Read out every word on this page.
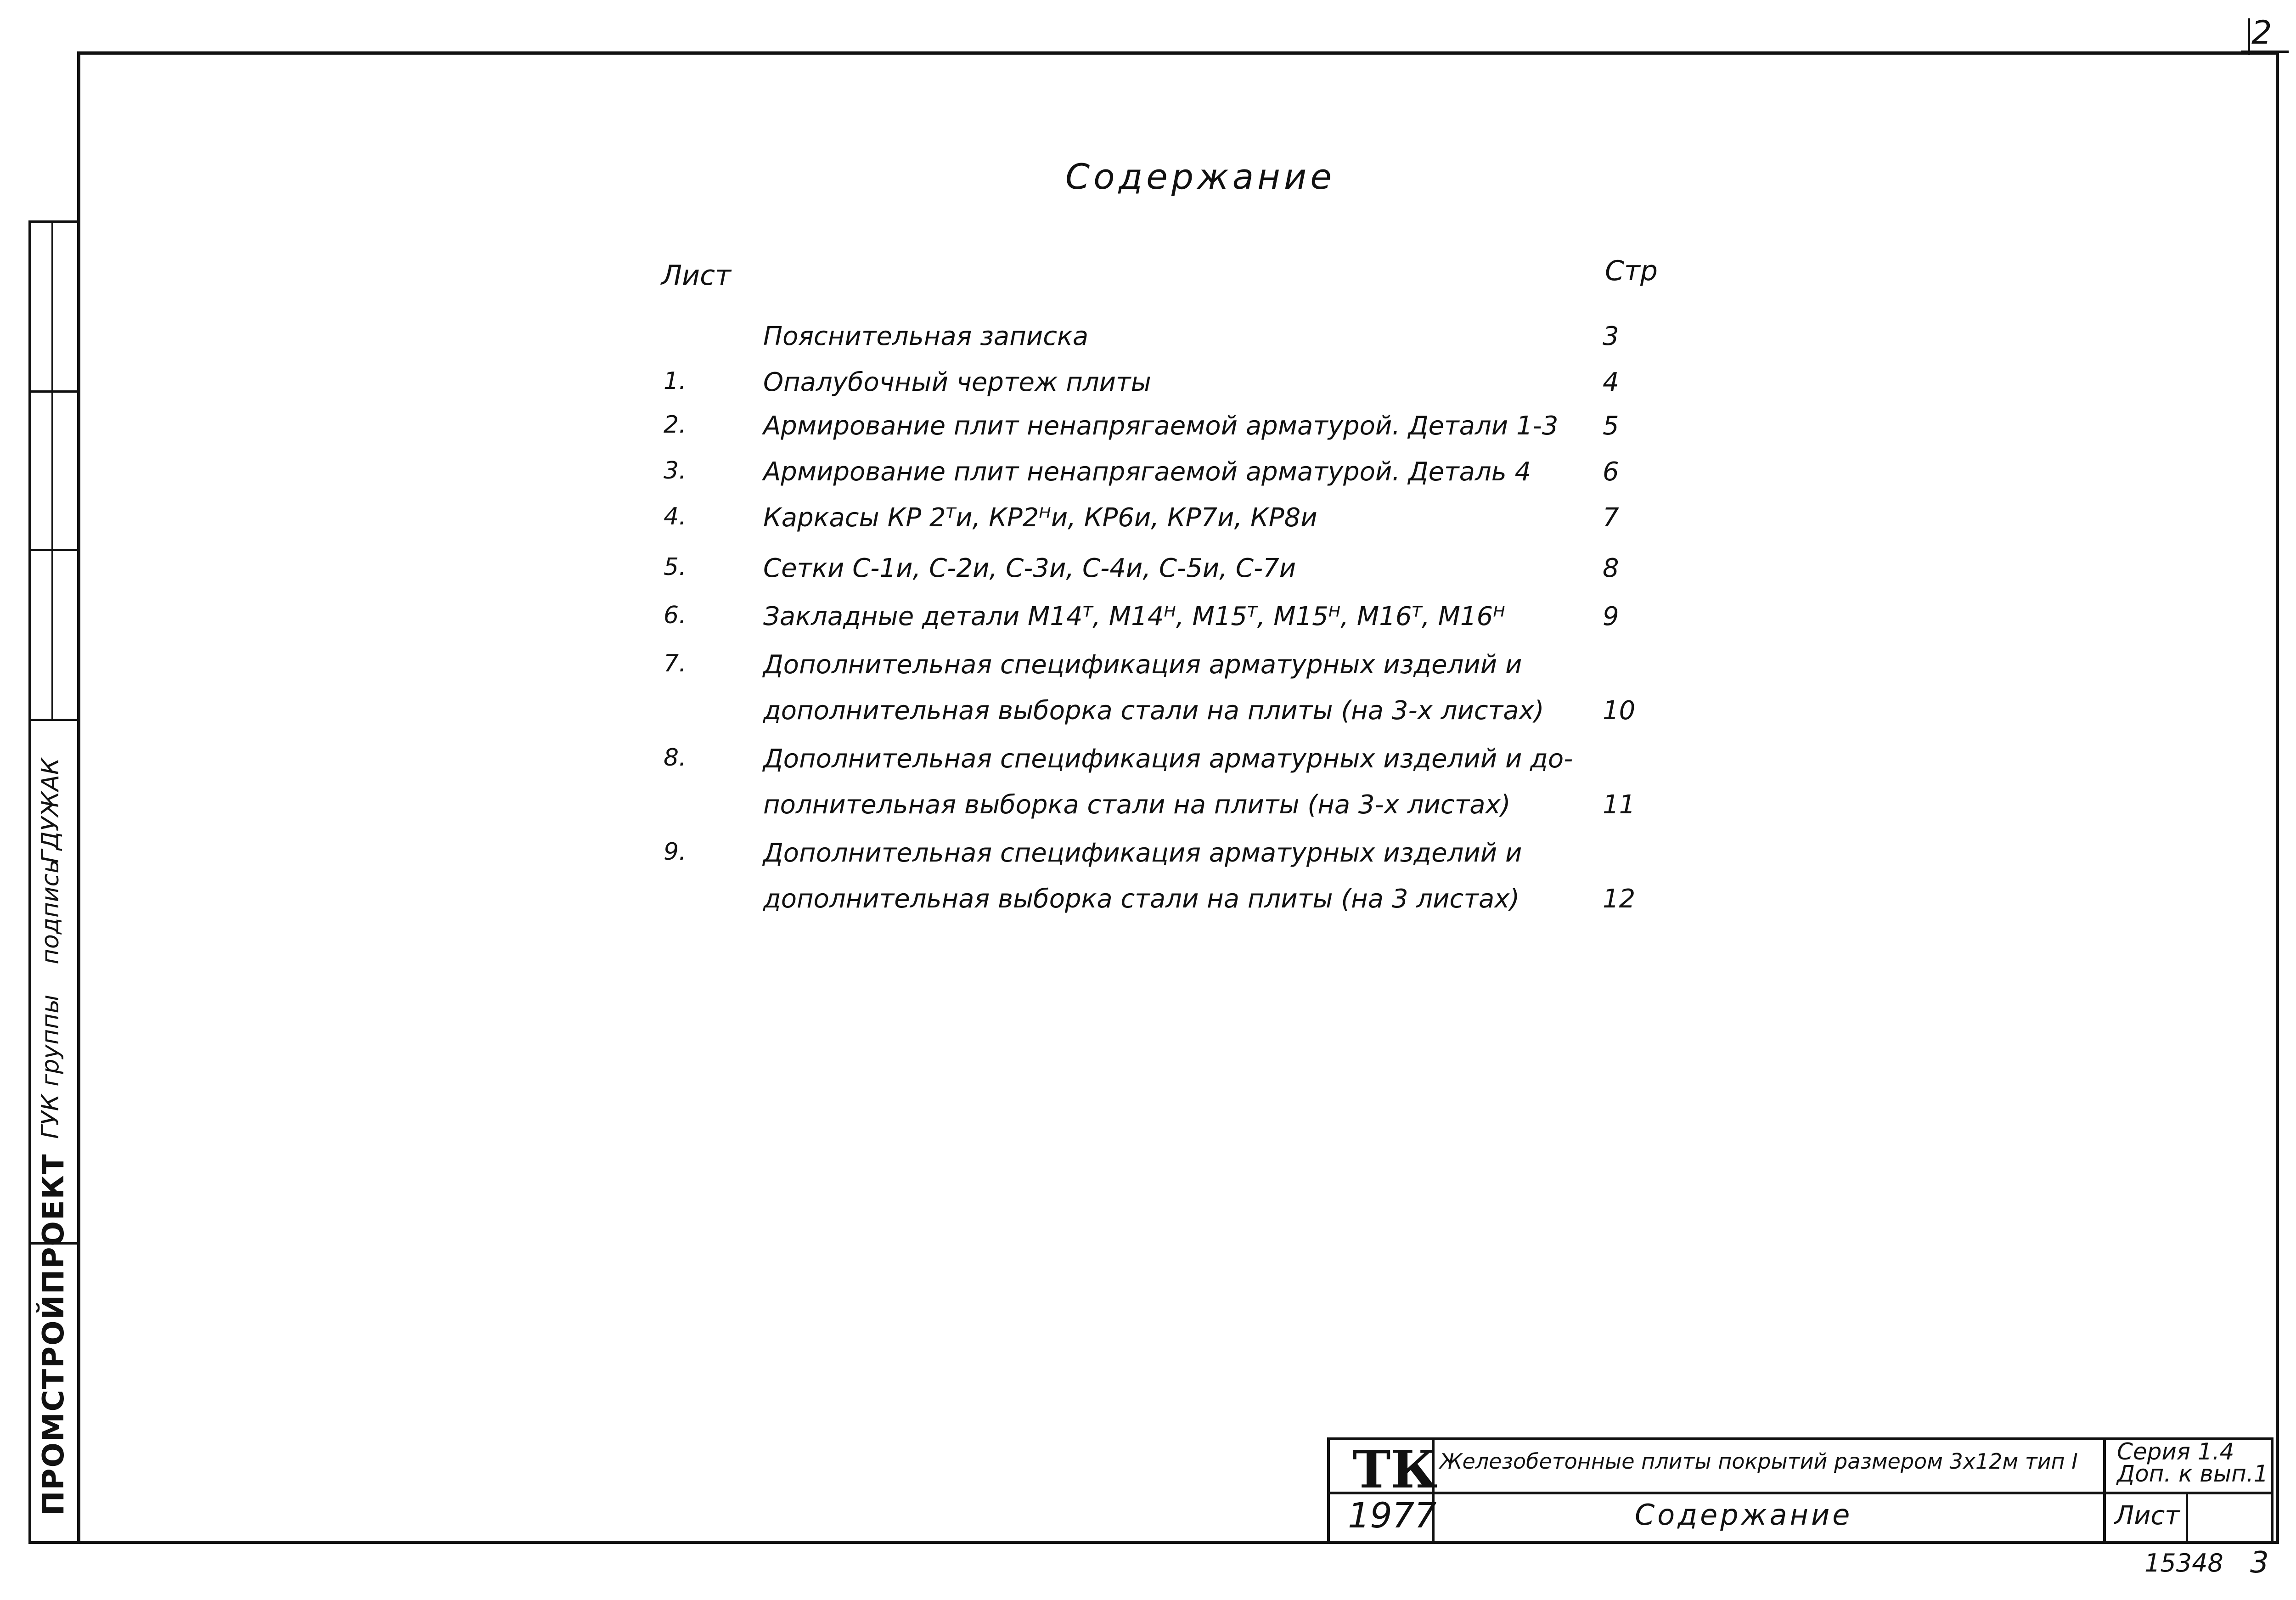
2
ПРОМСТРОЙПРОЕКТ
ГУК группы
подпись
ГДУЖАК
Содержание
Лист	Стр
Пояснительная записка	3
1.	Опалубочный чертеж плиты	4
2.	Армирование плит ненапрягаемой арматурой. Детали 1-3 5
3.	Армирование плит ненапрягаемой арматурой. Деталь 4	6
4.	Каркасы КР 2ᵀи, КР2ᴴи, КР6и, КР7и, КР8и	7
5.	Сетки С-1и, С-2и, С-3и, С-4и, С-5и, С-7и	8
6.	Закладные детали М14ᵀ, М14ᴴ, М15ᵀ, М15ᴴ, М16ᵀ, М16ᴴ	9
7.	Дополнительная спецификация арматурных изделий и
дополнительная выборка стали на плиты (на 3-х листах) 10
8.	Дополнительная спецификация арматурных изделий и до-
полнительная выборка стали на плиты (на 3-х листах)	11
9.	Дополнительная спецификация арматурных изделий и
дополнительная выборка стали на плиты (на 3 листах)	12
ТК
1977
Железобетонные плиты покрытий размером 3x12м тип I
Содержание
Серия 1.4
Доп. к вып.1
Лист
15348 3
